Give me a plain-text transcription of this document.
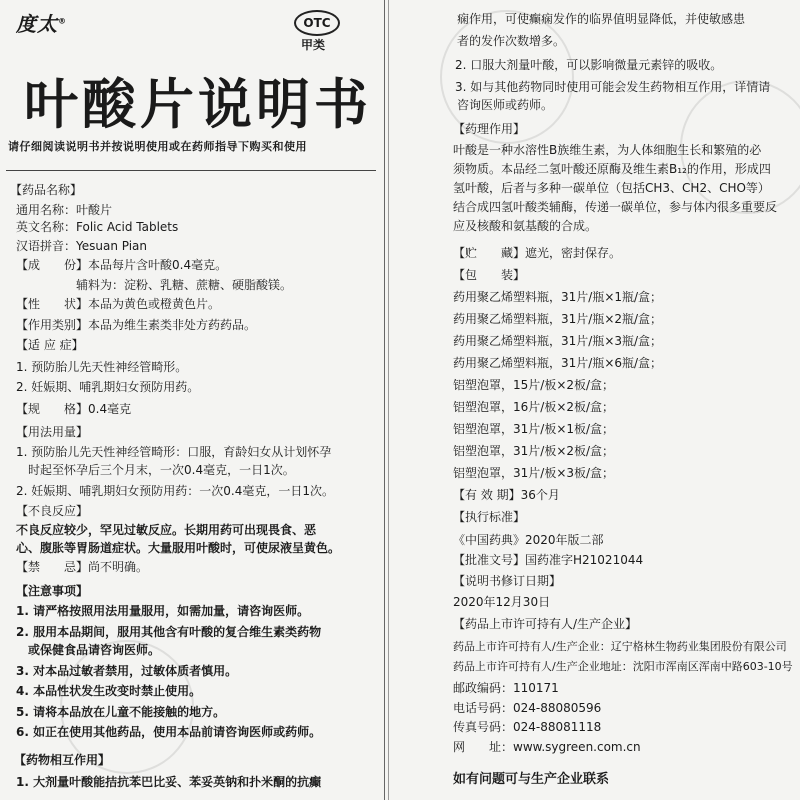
度太®	OTC
甲类
叶酸片说明书
请仔细阅读说明书并按说明使用或在药师指导下购买和使用
【药品名称】
通用名称：叶酸片
英文名称：Folic Acid Tablets
汉语拼音：Yesuan Pian
【成　　份】本品每片含叶酸0.4毫克。
　　　　　辅料为：淀粉、乳糖、蔗糖、硬脂酸镁。
【性　　状】本品为黄色或橙黄色片。
【作用类别】本品为维生素类非处方药药品。
【适 应 症】
1. 预防胎儿先天性神经管畸形。
2. 妊娠期、哺乳期妇女预防用药。
【规　　格】0.4毫克
【用法用量】
1. 预防胎儿先天性神经管畸形：口服，育龄妇女从计划怀孕
　时起至怀孕后三个月末，一次0.4毫克，一日1次。
2. 妊娠期、哺乳期妇女预防用药：一次0.4毫克，一日1次。
【不良反应】
不良反应较少，罕见过敏反应。长期用药可出现畏食、恶
心、腹胀等胃肠道症状。大量服用叶酸时，可使尿液呈黄色。
【禁　　忌】尚不明确。
【注意事项】
1. 请严格按照用法用量服用，如需加量，请咨询医师。
2. 服用本品期间，服用其他含有叶酸的复合维生素类药物
　或保健食品请咨询医师。
3. 对本品过敏者禁用，过敏体质者慎用。
4. 本品性状发生改变时禁止使用。
5. 请将本品放在儿童不能接触的地方。
6. 如正在使用其他药品，使用本品前请咨询医师或药师。
【药物相互作用】
1. 大剂量叶酸能拮抗苯巴比妥、苯妥英钠和扑米酮的抗癫
痫作用，可使癫痫发作的临界值明显降低，并使敏感患
者的发作次数增多。
2. 口服大剂量叶酸，可以影响微量元素锌的吸收。
3. 如与其他药物同时使用可能会发生药物相互作用，详情请
咨询医师或药师。
【药理作用】
叶酸是一种水溶性B族维生素，为人体细胞生长和繁殖的必
须物质。本品经二氢叶酸还原酶及维生素B₁₂的作用，形成四
氢叶酸，后者与多种一碳单位（包括CH3、CH2、CHO等）
结合成四氢叶酸类辅酶，传递一碳单位，参与体内很多重要反
应及核酸和氨基酸的合成。
【贮　　藏】遮光，密封保存。
【包　　装】
药用聚乙烯塑料瓶，31片/瓶×1瓶/盒；
药用聚乙烯塑料瓶，31片/瓶×2瓶/盒；
药用聚乙烯塑料瓶，31片/瓶×3瓶/盒；
药用聚乙烯塑料瓶，31片/瓶×6瓶/盒；
铝塑泡罩，15片/板×2板/盒；
铝塑泡罩，16片/板×2板/盒；
铝塑泡罩，31片/板×1板/盒；
铝塑泡罩，31片/板×2板/盒；
铝塑泡罩，31片/板×3板/盒；
【有 效 期】36个月
【执行标准】
《中国药典》2020年版二部
【批准文号】国药准字H21021044
【说明书修订日期】
2020年12月30日
【药品上市许可持有人/生产企业】
药品上市许可持有人/生产企业：辽宁格林生物药业集团股份有限公司
药品上市许可持有人/生产企业地址：沈阳市浑南区浑南中路603-10号
邮政编码：110171
电话号码：024-88080596
传真号码：024-88081118
网　　址：www.sygreen.com.cn
如有问题可与生产企业联系
